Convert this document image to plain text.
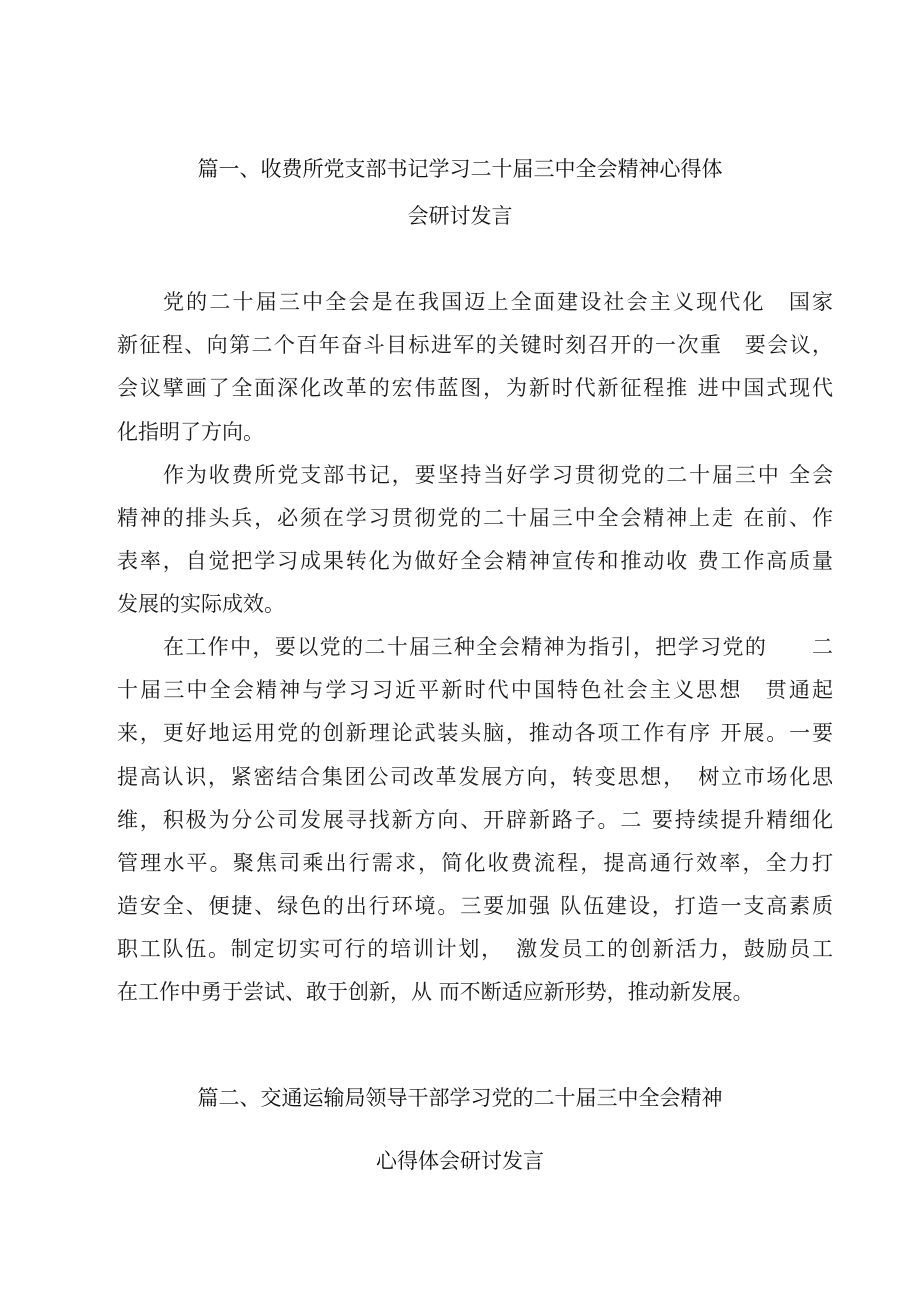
篇一、收费所党支部书记学习二十届三中全会精神心得体
会研讨发言
党的二十届三中全会是在我国迈上全面建设社会主义现代化　国家
新征程、向第二个百年奋斗目标进军的关键时刻召开的一次重　要会议，
会议擘画了全面深化改革的宏伟蓝图，为新时代新征程推 进中国式现代
化指明了方向。
作为收费所党支部书记，要坚持当好学习贯彻党的二十届三中 全会
精神的排头兵，必须在学习贯彻党的二十届三中全会精神上走 在前、作
表率，自觉把学习成果转化为做好全会精神宣传和推动收 费工作高质量
发展的实际成效。
在工作中，要以党的二十届三种全会精神为指引，把学习党的　　二
十届三中全会精神与学习习近平新时代中国特色社会主义思想　贯通起
来，更好地运用党的创新理论武装头脑，推动各项工作有序 开展。一要
提高认识，紧密结合集团公司改革发展方向，转变思想，　树立市场化思
维，积极为分公司发展寻找新方向、开辟新路子。二 要持续提升精细化
管理水平。聚焦司乘出行需求，简化收费流程，提高通行效率，全力打
造安全、便捷、绿色的出行环境。三要加强 队伍建设，打造一支高素质
职工队伍。制定切实可行的培训计划，　激发员工的创新活力，鼓励员工
在工作中勇于尝试、敢于创新，从 而不断适应新形势，推动新发展。
篇二、交通运输局领导干部学习党的二十届三中全会精神
心得体会研讨发言
